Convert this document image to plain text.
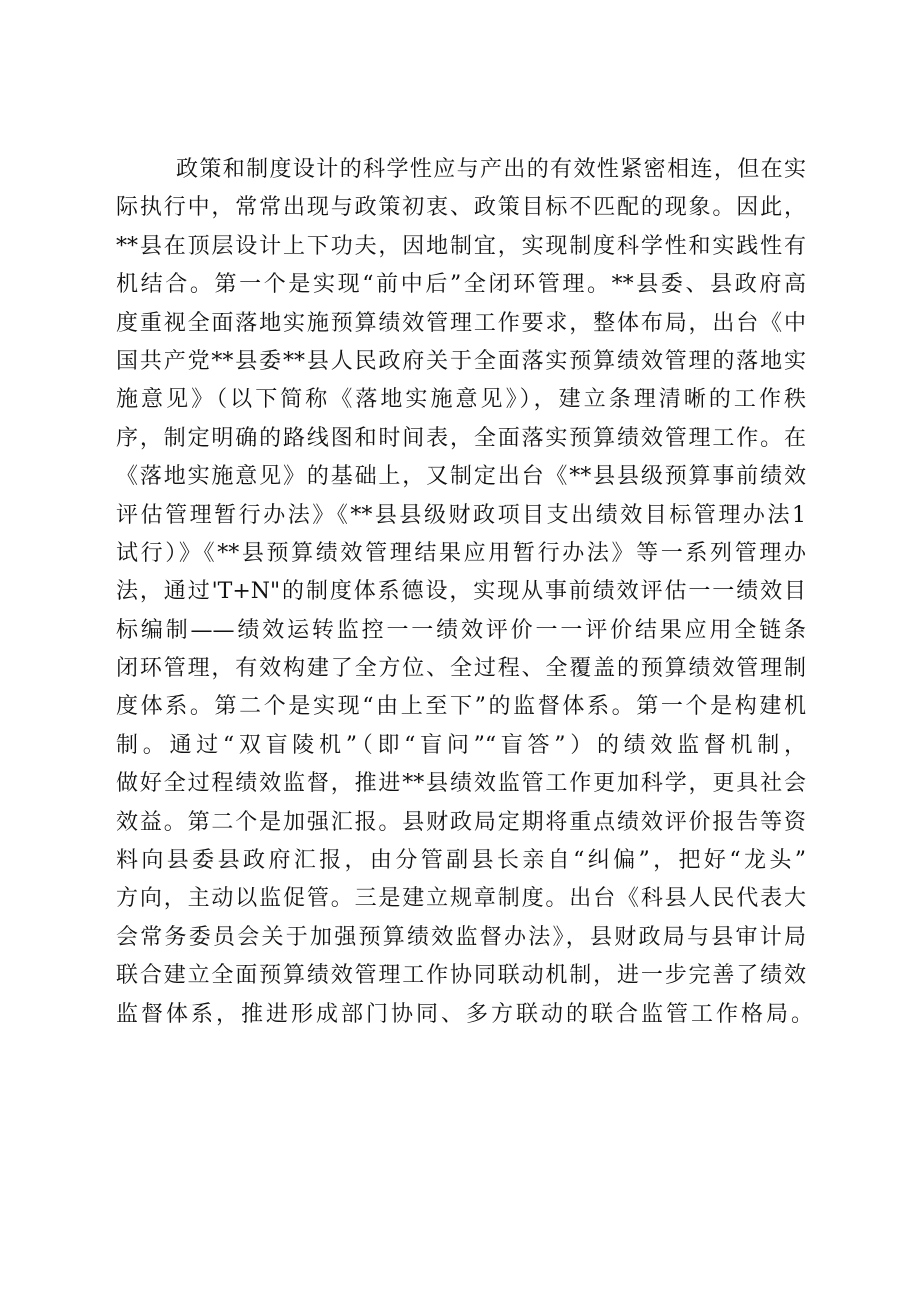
政策和制度设计的科学性应与产出的有效性紧密相连，但在实
际执行中，常常出现与政策初衷、政策目标不匹配的现象。因此，
**县在顶层设计上下功夫，因地制宜，实现制度科学性和实践性有
机结合。第一个是实现“前中后”全闭环管理。**县委、县政府高
度重视全面落地实施预算绩效管理工作要求，整体布局，出台《中
国共产党**县委**县人民政府关于全面落实预算绩效管理的落地实
施意见》（以下简称《落地实施意见》），建立条理清晰的工作秩
序，制定明确的路线图和时间表，全面落实预算绩效管理工作。在
《落地实施意见》的基础上，又制定出台《**县县级预算事前绩效
评估管理暂行办法》《**县县级财政项目支出绩效目标管理办法1
试行）》《**县预算绩效管理结果应用暂行办法》等一系列管理办
法，通过'T+N"的制度体系德设，实现从事前绩效评估一一绩效目
标编制——绩效运转监控一一绩效评价一一评价结果应用全链条
闭环管理，有效构建了全方位、全过程、全覆盖的预算绩效管理制
度体系。第二个是实现“由上至下”的监督体系。第一个是构建机
制。通过“双盲陵机”（即“盲问”“盲答”）的绩效监督机制，
做好全过程绩效监督，推进**县绩效监管工作更加科学，更具社会
效益。第二个是加强汇报。县财政局定期将重点绩效评价报告等资
料向县委县政府汇报，由分管副县长亲自“纠偏”，把好“龙头”
方向，主动以监促管。三是建立规章制度。出台《科县人民代表大
会常务委员会关于加强预算绩效监督办法》，县财政局与县审计局
联合建立全面预算绩效管理工作协同联动机制，进一步完善了绩效
监督体系，推进形成部门协同、多方联动的联合监管工作格局。
